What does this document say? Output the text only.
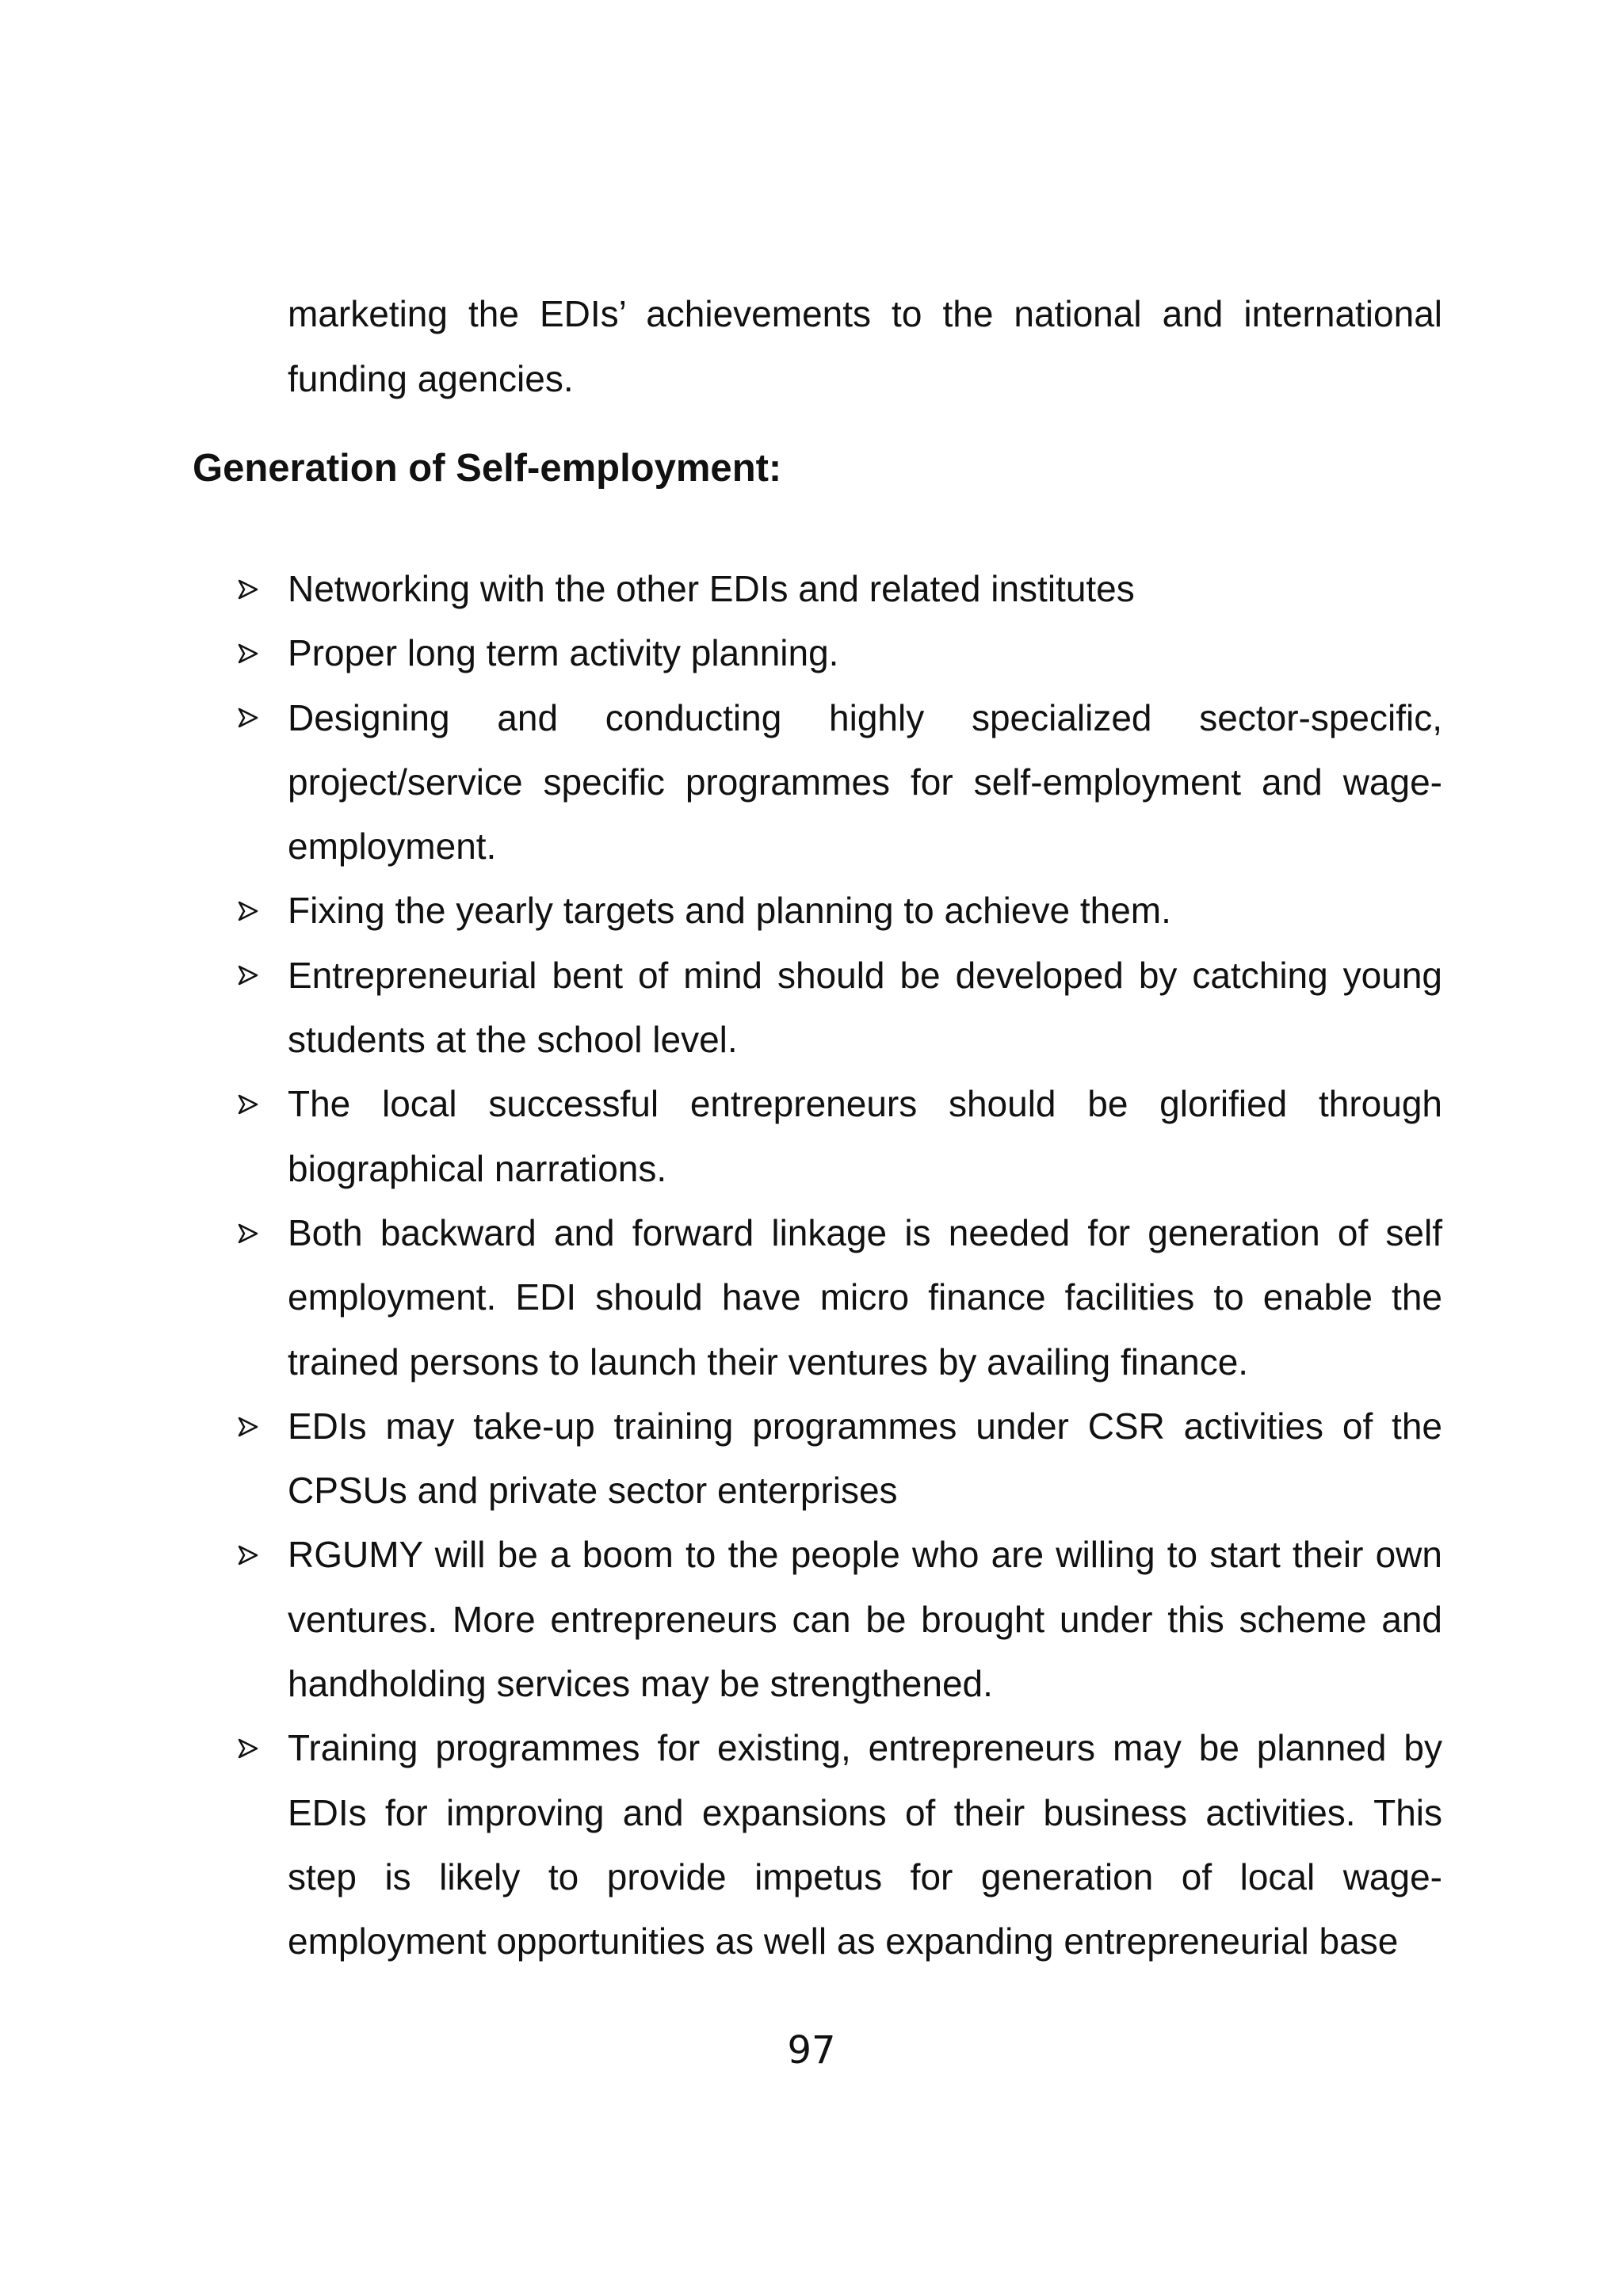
marketing the EDIs’ achievements to the national and international funding agencies.

Generation of Self-employment:
Networking with the other EDIs and related institutes
Proper long term activity planning.
Designing and conducting highly specialized sector-specific, project/service specific programmes for self-employment and wage-employment.
Fixing the yearly targets and planning to achieve them.
Entrepreneurial bent of mind should be developed by catching young students at the school level.
The local successful entrepreneurs should be glorified through biographical narrations.
Both backward and forward linkage is needed for generation of self employment. EDI should have micro finance facilities to enable the trained persons to launch their ventures by availing finance.
EDIs may take-up training programmes under CSR activities of the CPSUs and private sector enterprises
RGUMY will be a boom to the people who are willing to start their own ventures. More entrepreneurs can be brought under this scheme and handholding services may be strengthened.
Training programmes for existing, entrepreneurs may be planned by EDIs for improving and expansions of their business activities. This step is likely to provide impetus for generation of local wage-employment opportunities as well as expanding entrepreneurial base
97
